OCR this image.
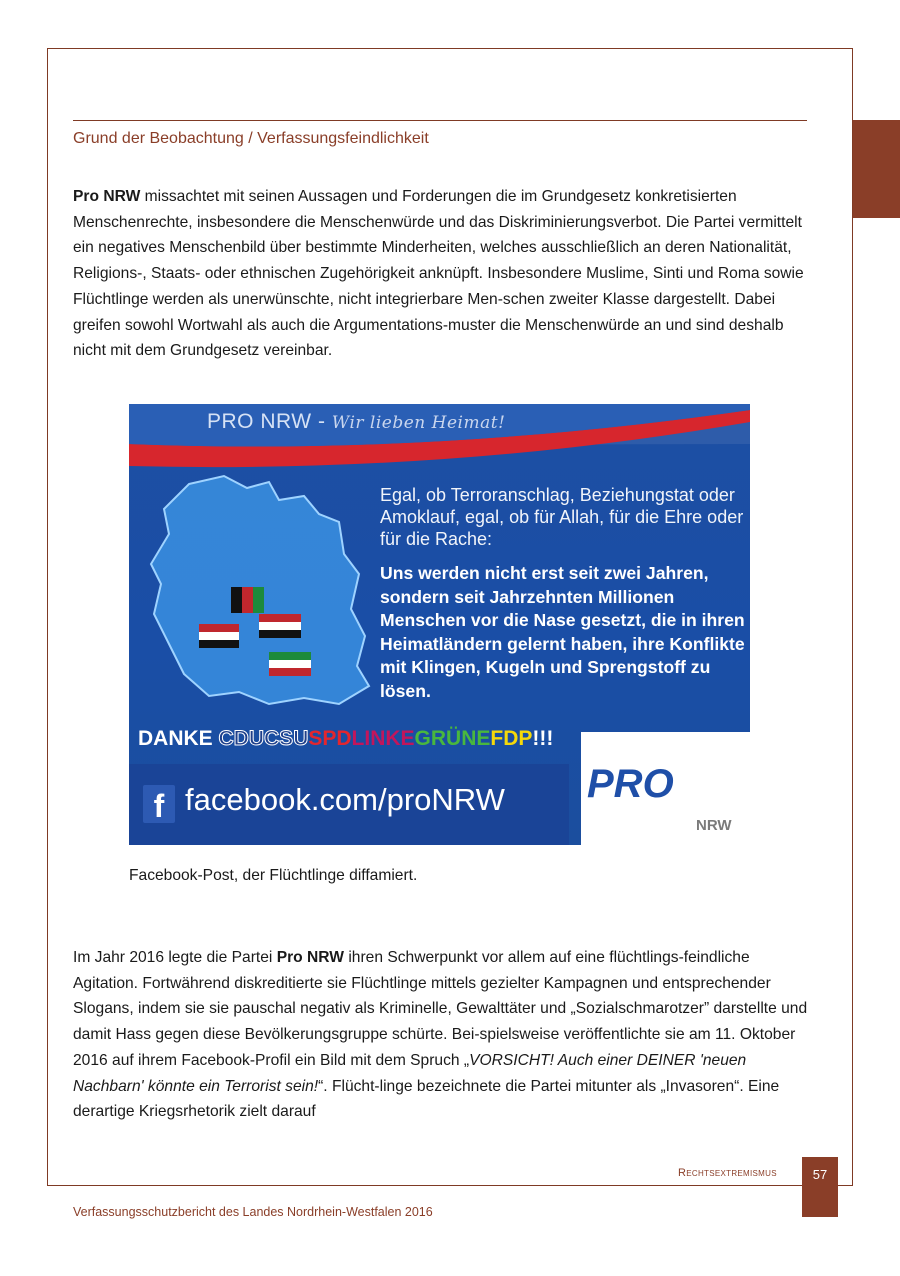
Grund der Beobachtung / Verfassungsfeindlichkeit

Pro NRW missachtet mit seinen Aussagen und Forderungen die im Grundgesetz konkretisierten Menschenrechte, insbesondere die Menschenwürde und das Diskriminierungsverbot. Die Partei vermittelt ein negatives Menschenbild über bestimmte Minderheiten, welches ausschließlich an deren Nationalität, Religions-, Staats- oder ethnischen Zugehörigkeit anknüpft. Insbesondere Muslime, Sinti und Roma sowie Flüchtlinge werden als unerwünschte, nicht integrierbare Men-schen zweiter Klasse dargestellt. Dabei greifen sowohl Wortwahl als auch die Argumentations-muster die Menschenwürde an und sind deshalb nicht mit dem Grundgesetz vereinbar.

PRO NRW - Wir lieben Heimat!
Egal, ob Terroranschlag, Beziehungstat oder Amoklauf, egal, ob für Allah, für die Ehre oder für die Rache:
Uns werden nicht erst seit zwei Jahren, sondern seit Jahrzehnten Millionen Menschen vor die Nase gesetzt, die in ihren Heimatländern gelernt haben, ihre Konflikte mit Klingen, Kugeln und Sprengstoff zu lösen.
DANKE CDUCSUSPDLINKEGRÜNEFDP!!!
f facebook.com/proNRW PRO
NRW
Facebook-Post, der Flüchtlinge diffamiert.

Im Jahr 2016 legte die Partei Pro NRW ihren Schwerpunkt vor allem auf eine flüchtlings-feindliche Agitation. Fortwährend diskreditierte sie Flüchtlinge mittels gezielter Kampagnen und entsprechender Slogans, indem sie sie pauschal negativ als Kriminelle, Gewalttäter und „Sozialschmarotzer” darstellte und damit Hass gegen diese Bevölkerungsgruppe schürte. Bei-spielsweise veröffentlichte sie am 11. Oktober 2016 auf ihrem Facebook-Profil ein Bild mit dem Spruch „VORSICHT! Auch einer DEINER 'neuen Nachbarn' könnte ein Terrorist sein!“. Flücht-linge bezeichnete die Partei mitunter als „Invasoren“. Eine derartige Kriegsrhetorik zielt darauf

Rechtsextremismus	57
Verfassungsschutzbericht des Landes Nordrhein-Westfalen 2016
